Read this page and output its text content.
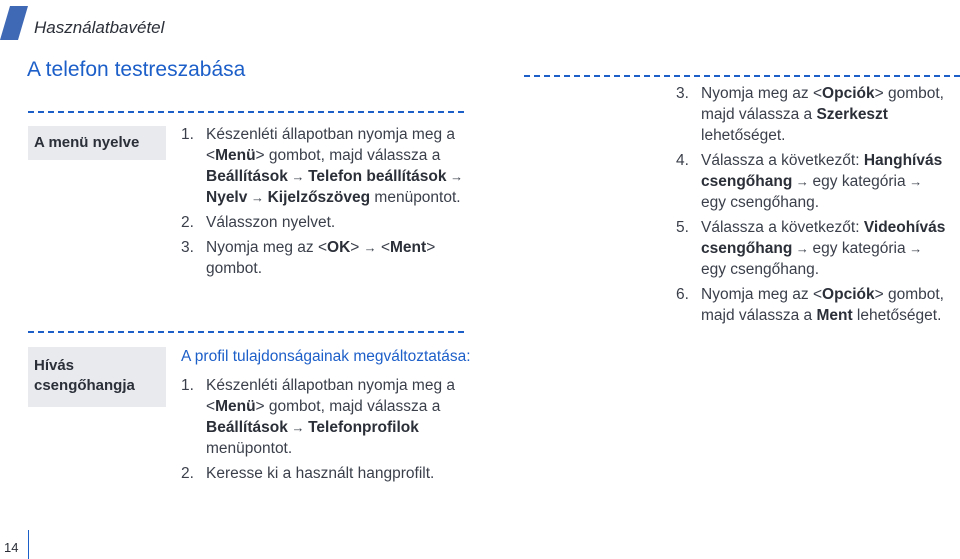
Használatbavétel
A telefon testreszabása
A menü nyelve	1. Készenléti állapotban nyomja meg a <Menü> gombot, majd válassza a Beállítások → Telefon beállítások → Nyelv → Kijelzőszöveg menüpontot.
2. Válasszon nyelvet.
3. Nyomja meg az <OK> → <Ment> gombot.
Hívás csengőhangja
A profil tulajdonságainak megváltoztatása:
1. Készenléti állapotban nyomja meg a <Menü> gombot, majd válassza a Beállítások → Telefonprofilok menüpontot.
2. Keresse ki a használt hangprofilt.
3. Nyomja meg az <Opciók> gombot, majd válassza a Szerkeszt lehetőséget.
4. Válassza a következőt: Hanghívás csengőhang → egy kategória → egy csengőhang.
5. Válassza a következőt: Videohívás csengőhang → egy kategória → egy csengőhang.
6. Nyomja meg az <Opciók> gombot, majd válassza a Ment lehetőséget.
14
